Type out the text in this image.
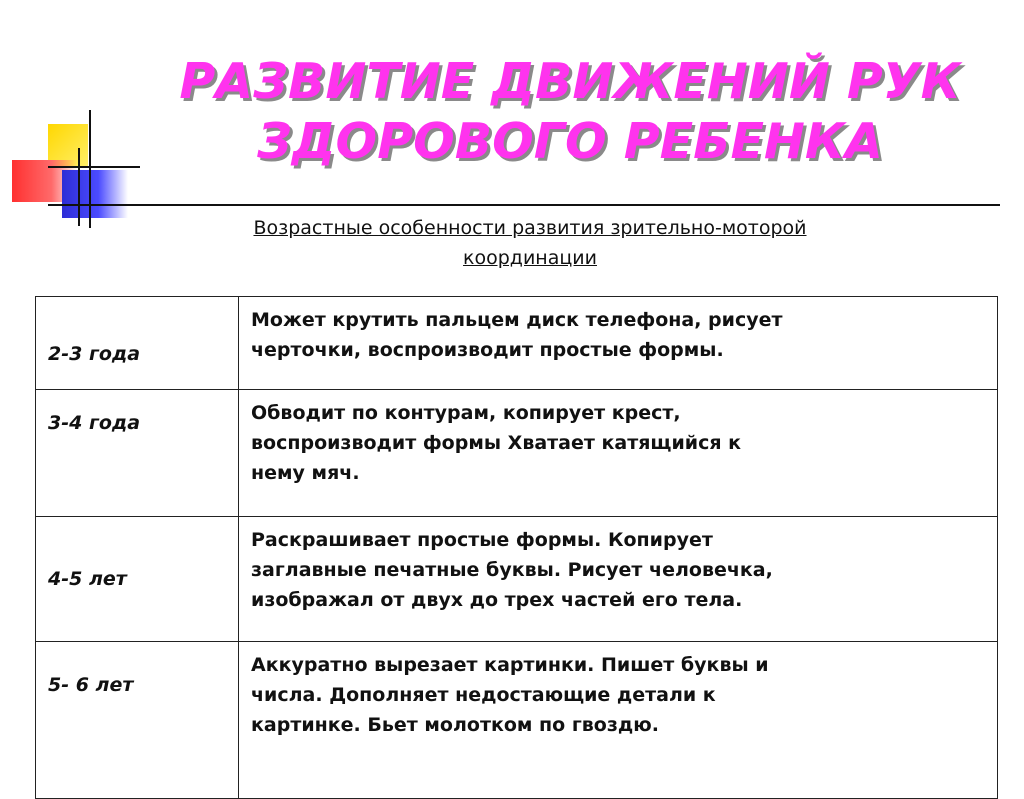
РАЗВИТИЕ ДВИЖЕНИЙ РУК
ЗДОРОВОГО РЕБЕНКА
Возрастные особенности развития зрительно-моторой
координации
2-3 года	Может крутить пальцем диск телефона, рисует
черточки, воспроизводит простые формы.
3-4 года	Обводит по контурам, копирует крест,
воспроизводит формы Хватает катящийся к
нему мяч.
4-5 лет	Раскрашивает простые формы. Копирует
заглавные печатные буквы. Рисует человечка,
изображал от двух до трех частей его тела.
5- 6 лет	Аккуратно вырезает картинки. Пишет буквы и
числа. Дополняет недостающие детали к
картинке. Бьет молотком по гвоздю.
